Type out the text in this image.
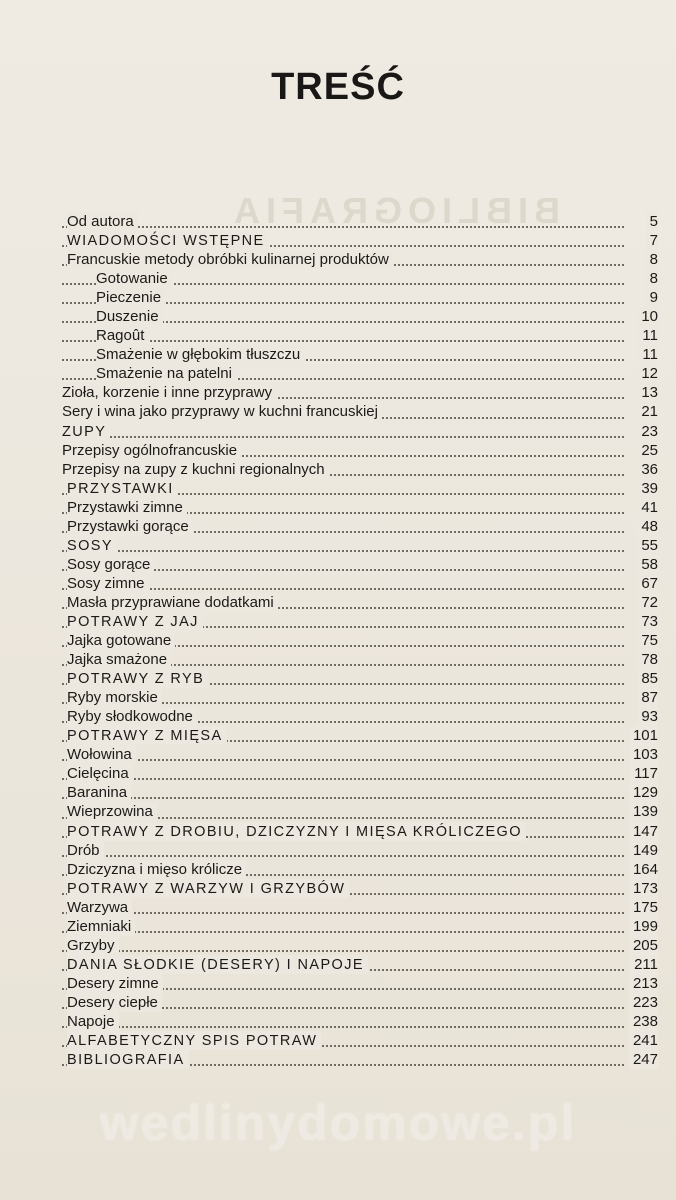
BIBLIOGRAFIA
TREŚĆ
Od autora	5
WIADOMOŚCI WSTĘPNE	7
Francuskie metody obróbki kulinarnej produktów	8
Gotowanie	8
Pieczenie	9
Duszenie	10
Ragoût	11
Smażenie w głębokim tłuszczu	11
Smażenie na patelni	12
Zioła, korzenie i inne przyprawy	13
Sery i wina jako przyprawy w kuchni francuskiej	21
ZUPY	23
Przepisy ogólnofrancuskie	25
Przepisy na zupy z kuchni regionalnych	36
PRZYSTAWKI	39
Przystawki zimne	41
Przystawki gorące	48
SOSY	55
Sosy gorące	58
Sosy zimne	67
Masła przyprawiane dodatkami	72
POTRAWY Z JAJ	73
Jajka gotowane	75
Jajka smażone	78
POTRAWY Z RYB	85
Ryby morskie	87
Ryby słodkowodne	93
POTRAWY Z MIĘSA	101
Wołowina	103
Cielęcina	117
Baranina	129
Wieprzowina	139
POTRAWY Z DROBIU, DZICZYZNY I MIĘSA KRÓLICZEGO	147
Drób	149
Dziczyzna i mięso królicze	164
POTRAWY Z WARZYW I GRZYBÓW	173
Warzywa	175
Ziemniaki	199
Grzyby	205
DANIA SŁODKIE (DESERY) I NAPOJE	211
Desery zimne	213
Desery ciepłe	223
Napoje	238
ALFABETYCZNY SPIS POTRAW	241
BIBLIOGRAFIA	247
wedlinydomowe.pl
